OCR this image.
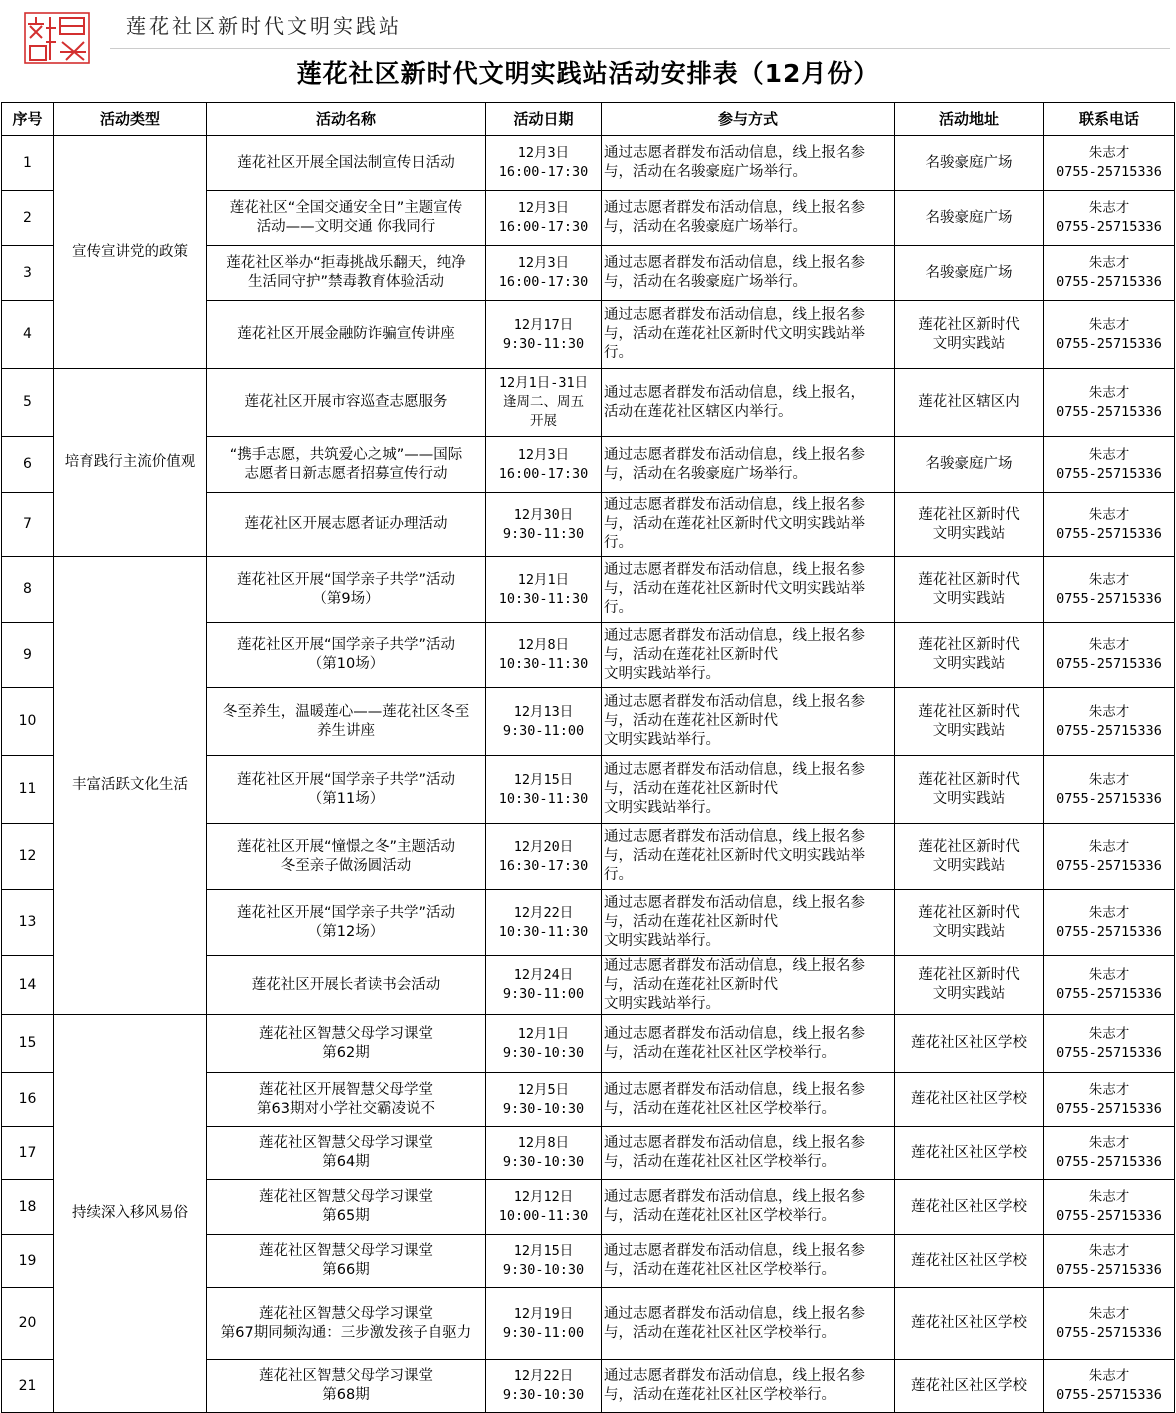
莲花社区新时代文明实践站
莲花社区新时代文明实践站活动安排表（12月份）
序号	活动类型	活动名称	活动日期	参与方式	活动地址	联系电话
1	宣传宣讲党的政策	莲花社区开展全国法制宣传日活动	12月3日
16:00-17:30	通过志愿者群发布活动信息，线上报名参
与，活动在名骏豪庭广场举行。	名骏豪庭广场	朱志才
0755-25715336

2		莲花社区“全国交通安全日”主题宣传
活动——文明交通 你我同行	12月3日
16:00-17:30	通过志愿者群发布活动信息，线上报名参
与，活动在名骏豪庭广场举行。	名骏豪庭广场	朱志才
0755-25715336

3		莲花社区举办“拒毒挑战乐翻天，纯净
生活同守护”禁毒教育体验活动	12月3日
16:00-17:30	通过志愿者群发布活动信息，线上报名参
与，活动在名骏豪庭广场举行。	名骏豪庭广场	朱志才
0755-25715336

4		莲花社区开展金融防诈骗宣传讲座	12月17日
9:30-11:30	通过志愿者群发布活动信息，线上报名参
与，活动在莲花社区新时代文明实践站举
行。	莲花社区新时代
文明实践站	朱志才
0755-25715336

5	培育践行主流价值观	莲花社区开展市容巡查志愿服务	12月1日-31日
逢周二、周五
开展	通过志愿者群发布活动信息，线上报名，
活动在莲花社区辖区内举行。	莲花社区辖区内	朱志才
0755-25715336

6		“携手志愿，共筑爱心之城”——国际
志愿者日新志愿者招募宣传行动	12月3日
16:00-17:30	通过志愿者群发布活动信息，线上报名参
与，活动在名骏豪庭广场举行。	名骏豪庭广场	朱志才
0755-25715336

7		莲花社区开展志愿者证办理活动	12月30日
9:30-11:30	通过志愿者群发布活动信息，线上报名参
与，活动在莲花社区新时代文明实践站举
行。	莲花社区新时代
文明实践站	朱志才
0755-25715336

8	丰富活跃文化生活	莲花社区开展“国学亲子共学”活动
（第9场）	12月1日
10:30-11:30	通过志愿者群发布活动信息，线上报名参
与，活动在莲花社区新时代文明实践站举
行。	莲花社区新时代
文明实践站	朱志才
0755-25715336

9		莲花社区开展“国学亲子共学”活动
（第10场）	12月8日
10:30-11:30	通过志愿者群发布活动信息，线上报名参
与，活动在莲花社区新时代
文明实践站举行。	莲花社区新时代
文明实践站	朱志才
0755-25715336

10		冬至养生，温暖莲心——莲花社区冬至
养生讲座	12月13日
9:30-11:00	通过志愿者群发布活动信息，线上报名参
与，活动在莲花社区新时代
文明实践站举行。	莲花社区新时代
文明实践站	朱志才
0755-25715336

11		莲花社区开展“国学亲子共学”活动
（第11场）	12月15日
10:30-11:30	通过志愿者群发布活动信息，线上报名参
与，活动在莲花社区新时代
文明实践站举行。	莲花社区新时代
文明实践站	朱志才
0755-25715336

12		莲花社区开展“憧憬之冬”主题活动
冬至亲子做汤圆活动	12月20日
16:30-17:30	通过志愿者群发布活动信息，线上报名参
与，活动在莲花社区新时代文明实践站举
行。	莲花社区新时代
文明实践站	朱志才
0755-25715336

13		莲花社区开展“国学亲子共学”活动
（第12场）	12月22日
10:30-11:30	通过志愿者群发布活动信息，线上报名参
与，活动在莲花社区新时代
文明实践站举行。	莲花社区新时代
文明实践站	朱志才
0755-25715336

14		莲花社区开展长者读书会活动	12月24日
9:30-11:00	通过志愿者群发布活动信息，线上报名参
与，活动在莲花社区新时代
文明实践站举行。	莲花社区新时代
文明实践站	朱志才
0755-25715336

15	持续深入移风易俗	莲花社区智慧父母学习课堂
第62期	12月1日
9:30-10:30	通过志愿者群发布活动信息，线上报名参
与，活动在莲花社区社区学校举行。	莲花社区社区学校	朱志才
0755-25715336

16		莲花社区开展智慧父母学堂
第63期对小学社交霸凌说不	12月5日
9:30-10:30	通过志愿者群发布活动信息，线上报名参
与，活动在莲花社区社区学校举行。	莲花社区社区学校	朱志才
0755-25715336

17		莲花社区智慧父母学习课堂
第64期	12月8日
9:30-10:30	通过志愿者群发布活动信息，线上报名参
与，活动在莲花社区社区学校举行。	莲花社区社区学校	朱志才
0755-25715336

18		莲花社区智慧父母学习课堂
第65期	12月12日
10:00-11:30	通过志愿者群发布活动信息，线上报名参
与，活动在莲花社区社区学校举行。	莲花社区社区学校	朱志才
0755-25715336

19		莲花社区智慧父母学习课堂
第66期	12月15日
9:30-10:30	通过志愿者群发布活动信息，线上报名参
与，活动在莲花社区社区学校举行。	莲花社区社区学校	朱志才
0755-25715336

20		莲花社区智慧父母学习课堂
第67期同频沟通：三步激发孩子自驱力	12月19日
9:30-11:00	通过志愿者群发布活动信息，线上报名参
与，活动在莲花社区社区学校举行。	莲花社区社区学校	朱志才
0755-25715336

21		莲花社区智慧父母学习课堂
第68期	12月22日
9:30-10:30	通过志愿者群发布活动信息，线上报名参
与，活动在莲花社区社区学校举行。	莲花社区社区学校	朱志才
0755-25715336
